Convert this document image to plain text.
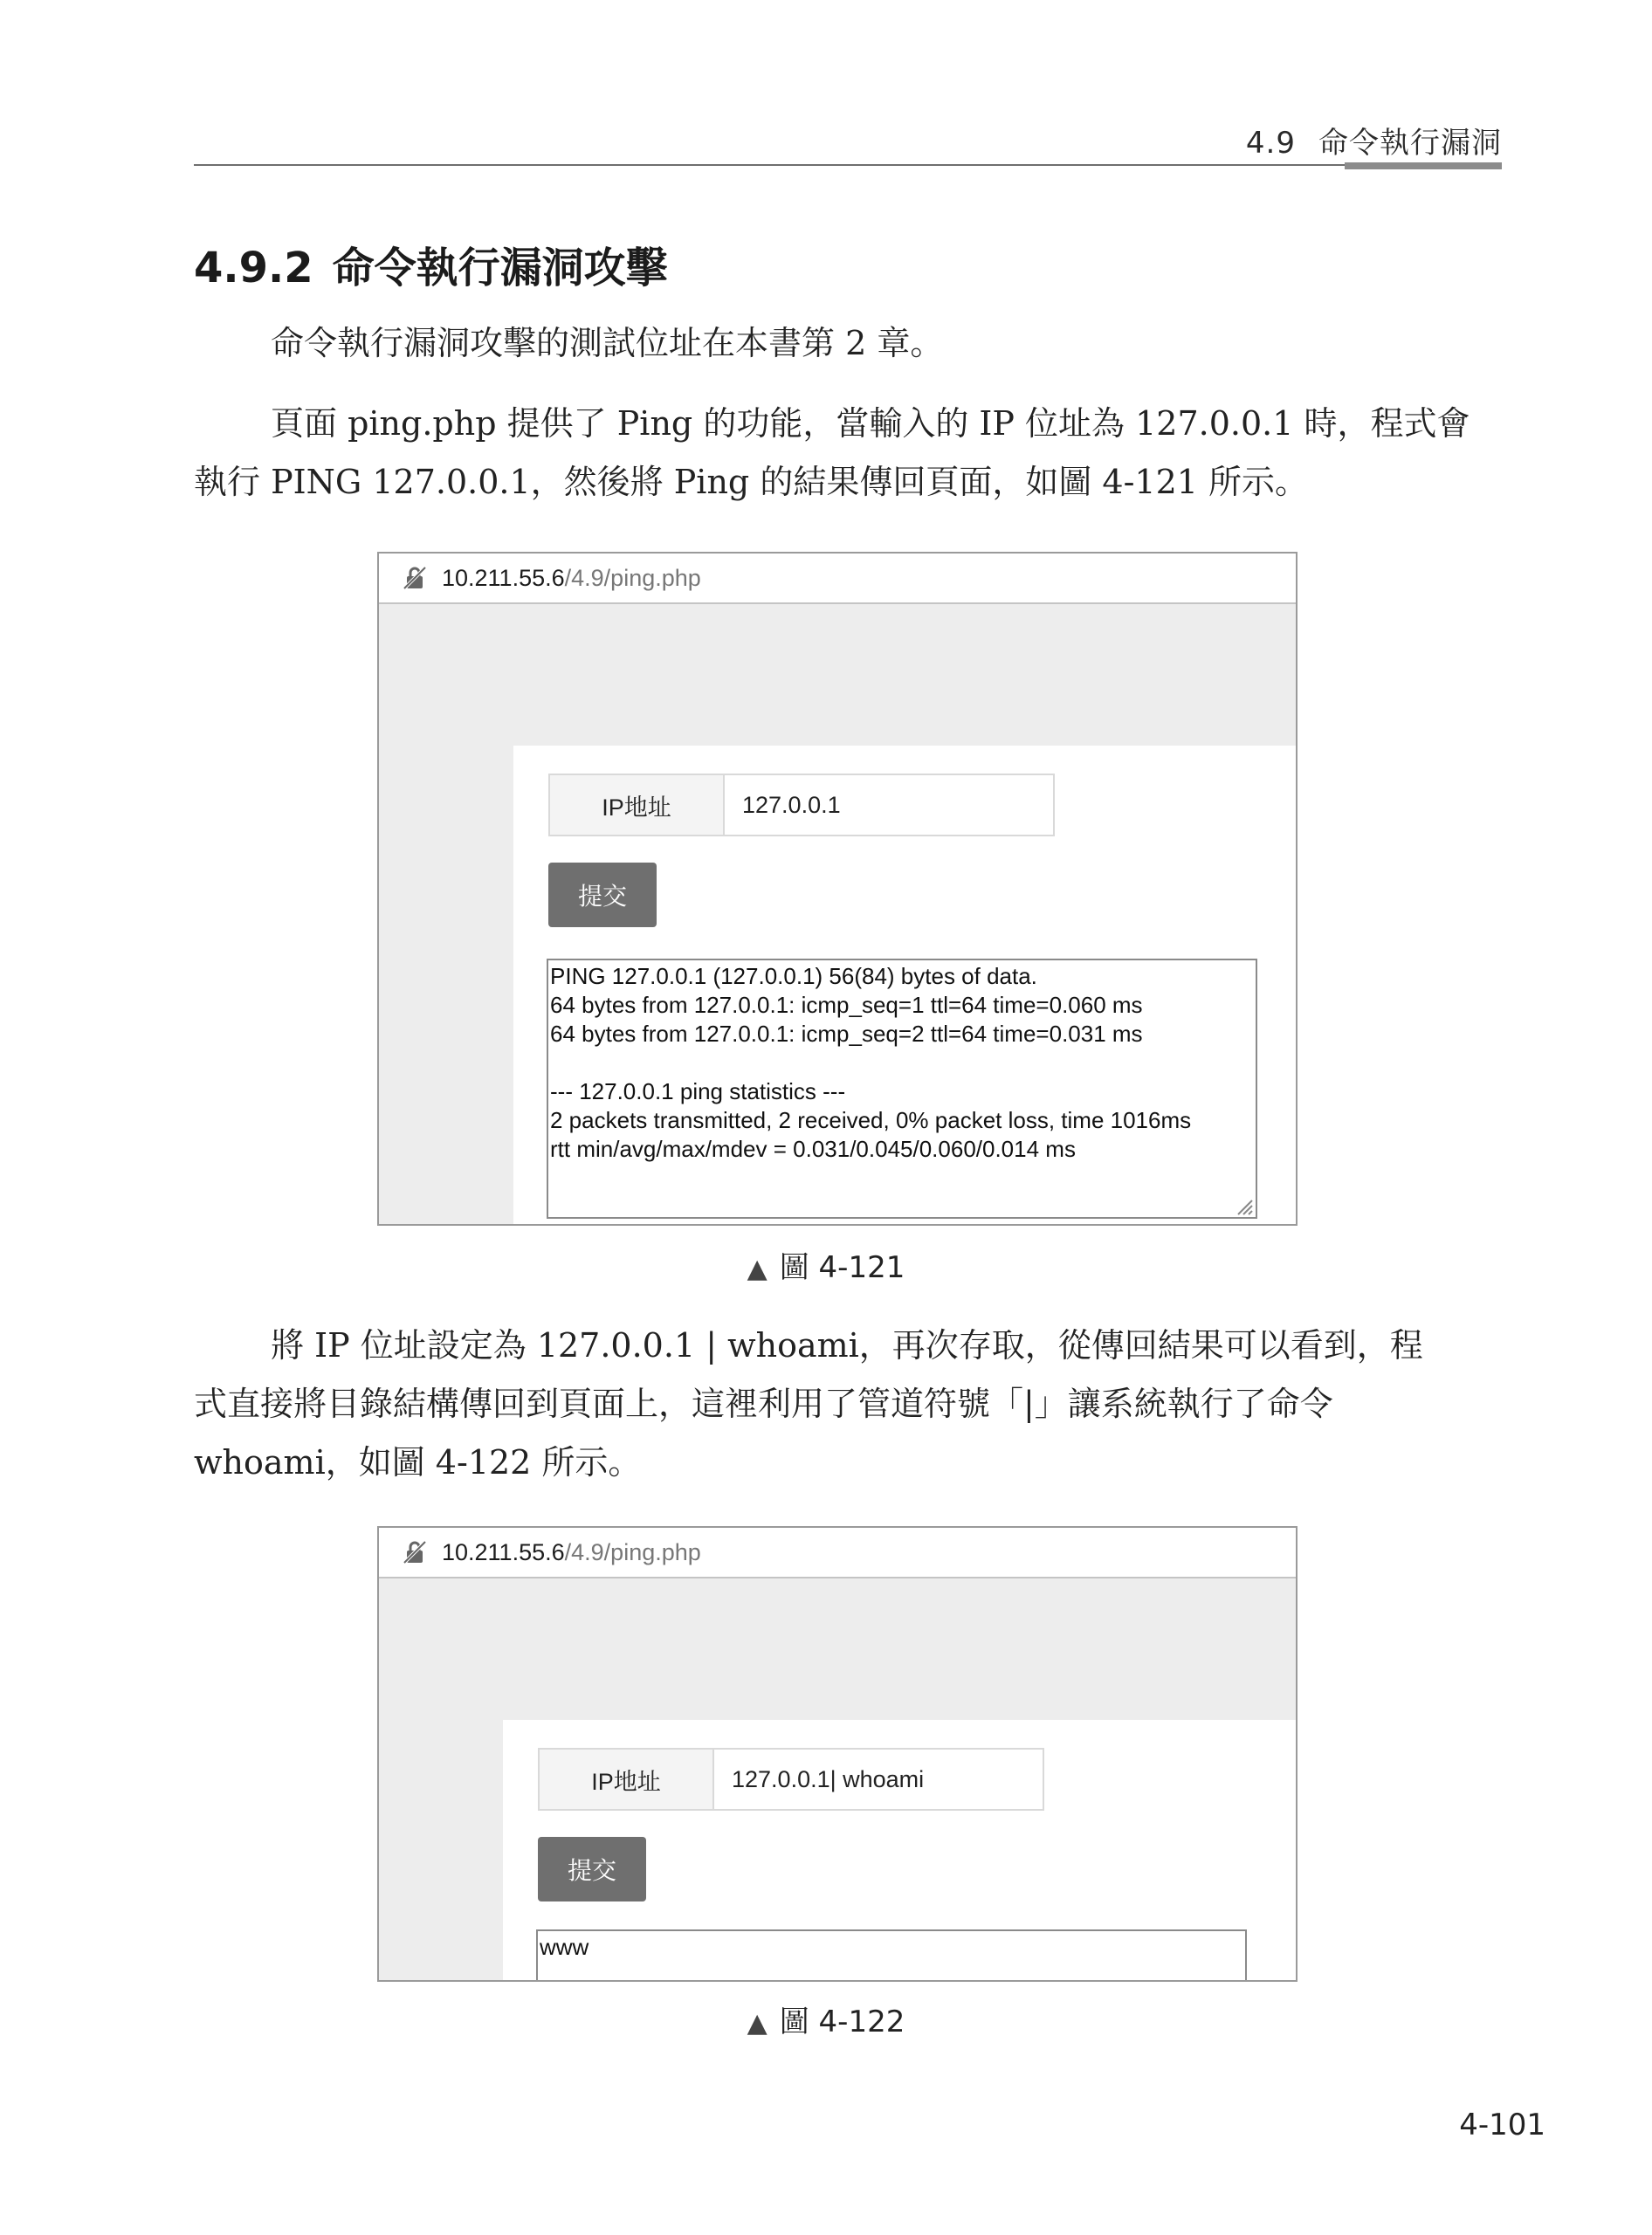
4.9 命令執行漏洞
4.9.2 命令執行漏洞攻擊
命令執行漏洞攻擊的測試位址在本書第 2 章。
頁面 ping.php 提供了 Ping 的功能，當輸入的 IP 位址為 127.0.0.1 時，程式會
執行 PING 127.0.0.1，然後將 Ping 的結果傳回頁面，如圖 4-121 所示。
10.211.55.6 /4.9/ping.php
IP地址
127.0.0.1
提交
PING 127.0.0.1 (127.0.0.1) 56(84) bytes of data.
64 bytes from 127.0.0.1: icmp_seq=1 ttl=64 time=0.060 ms
64 bytes from 127.0.0.1: icmp_seq=2 ttl=64 time=0.031 ms
--- 127.0.0.1 ping statistics ---
2 packets transmitted, 2 received, 0% packet loss, time 1016ms
rtt min/avg/max/mdev = 0.031/0.045/0.060/0.014 ms
▲ 圖 4-121
將 IP 位址設定為 127.0.0.1 | whoami，再次存取，從傳回結果可以看到，程
式直接將目錄結構傳回到頁面上，這裡利用了管道符號「|」讓系統執行了命令
whoami，如圖 4-122 所示。
10.211.55.6 /4.9/ping.php
IP地址
127.0.0.1| whoami
提交
www
▲ 圖 4-122
4-101
